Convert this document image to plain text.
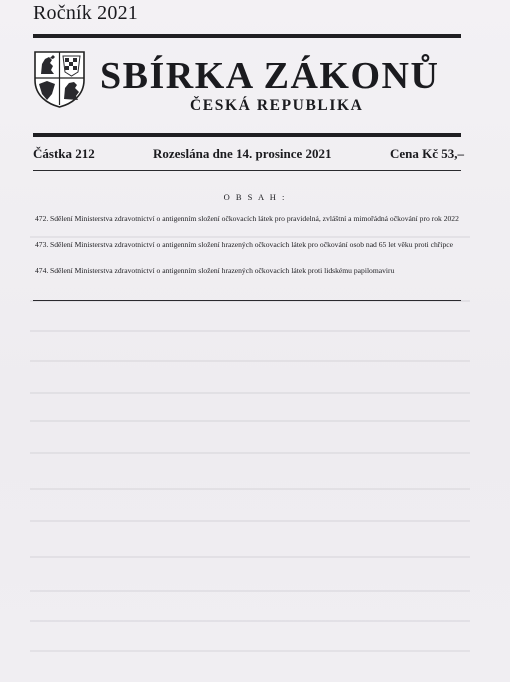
Ročník 2021
SBÍRKA ZÁKONŮ
ČESKÁ REPUBLIKA
Částka 212	Rozeslána dne 14. prosince 2021	Cena Kč 53,–
O B S A H :
472. Sdělení Ministerstva zdravotnictví o antigenním složení očkovacích látek pro pravidelná, zvláštní a mimořádná očkování pro rok 2022
473. Sdělení Ministerstva zdravotnictví o antigenním složení hrazených očkovacích látek pro očkování osob nad 65 let věku proti chřipce
474. Sdělení Ministerstva zdravotnictví o antigenním složení hrazených očkovacích látek proti lidskému papilomaviru
